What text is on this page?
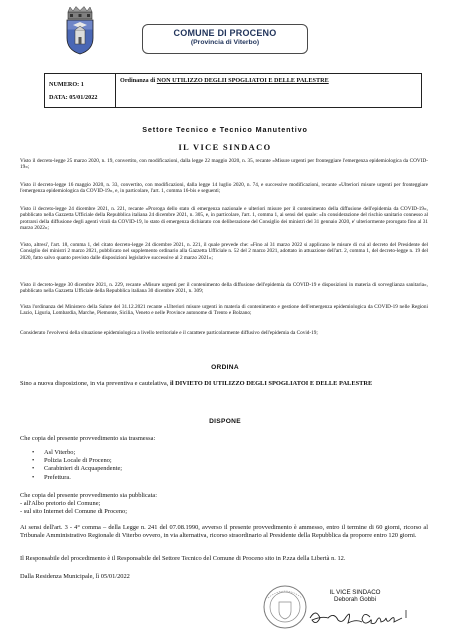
COMUNE DI PROCENO
(Provincia di Viterbo)
NUMERO: 1
DATA: 05/01/2022
	Ordinanza di NON UTILIZZO DEGLII SPOGLIATOI E DELLE PALESTRE
Settore Tecnico e Tecnico Manutentivo
IL VICE SINDACO

Visto il decreto-legge 25 marzo 2020, n. 19, convertito, con modificazioni, dalla legge 22 maggio 2020, n. 35, recante «Misure urgenti per fronteggiare l'emergenza epidemiologica da COVID-19»;

Visto il decreto-legge 16 maggio 2020, n. 33, convertito, con modificazioni, dalla legge 14 luglio 2020, n. 74, e successive modificazioni, recante «Ulteriori misure urgenti per fronteggiare l'emergenza epidemiologica da COVID-19», e, in particolare, l'art. 1, comma 16-bis e seguenti;

Visto il decreto-legge 24 dicembre 2021, n. 221, recante «Proroga dello stato di emergenza nazionale e ulteriori misure per il contenimento della diffusione dell'epidemia da COVID-19», pubblicato nella Gazzetta Ufficiale della Repubblica italiana 24 dicembre 2021, n. 305, e, in particolare, l'art. 1, comma 1, ai sensi del quale: «In considerazione del rischio sanitario connesso al protrarsi della diffusione degli agenti virali da COVID-19, lo stato di emergenza dichiarato con deliberazione del Consiglio dei ministri del 31 gennaio 2020, e' ulteriormente prorogato fino al 31 marzo 2022»;

Visto, altresi', l'art. 18, comma 1, del citato decreto-legge 24 dicembre 2021, n. 221, il quale prevede che: «Fino al 31 marzo 2022 si applicano le misure di cui al decreto del Presidente del Consiglio dei ministri 2 marzo 2021, pubblicato nel supplemento ordinario alla Gazzetta Ufficiale n. 52 del 2 marzo 2021, adottato in attuazione dell'art. 2, comma 1, del decreto-legge n. 19 del 2020, fatto salvo quanto previsto dalle disposizioni legislative successive al 2 marzo 2021»;

Visto il decreto-legge 30 dicembre 2021, n. 229, recante «Misure urgenti per il contenimento della diffusione dell'epidemia da COVID-19 e disposizioni in materia di sorveglianza sanitaria», pubblicato nella Gazzetta Ufficiale della Repubblica italiana 30 dicembre 2021, n. 309;

Vista l'ordinanza del Ministero della Salute del 31.12.2021 recante «Ulteriori misure urgenti in materia di contenimento e gestione dell'emergenza epidemiologica da COVID-19 nelle Regioni Lazio, Liguria, Lombardia, Marche, Piemonte, Sicilia, Veneto e nelle Province autonome di Trento e Bolzano;

Considerato l'evolversi della situazione epidemiologica a livello territoriale e il carattere particolarmente diffusivo dell'epidemia da Covid-19;

ORDINA

Sino a nuova disposizione, in via preventiva e cautelativa, il DIVIETO DI UTILIZZO DEGLI SPOGLIATOI E DELLE PALESTRE

DISPONE

Che copia del presente provvedimento sia trasmessa:

• Asl Viterbo;
• Polizia Locale di Proceno;
• Carabinieri di Acquapendente;
• Prefettura.

Che copia del presente provvedimento sia pubblicata:

- all'Albo pretorio del Comune;

- sul sito Internet del Comune di Proceno;

Ai sensi dell'art. 3 - 4° comma – della Legge n. 241 del 07.08.1990, avverso il presente provvedimento è ammesso, entro il termine di 60 giorni, ricorso al Tribunale Amministrativo Regionale di Viterbo ovvero, in via alternativa, ricorso straordinario al Presidente della Repubblica da proporre entro 120 giorni.

Il Responsabile del procedimento è il Responsabile del Settore Tecnico del Comune di Proceno sito in P.zza della Libertà n. 12.

Dalla Residenza Municipale, lì 05/01/2022

IL VICE SINDACO
Deborah Gobbi
